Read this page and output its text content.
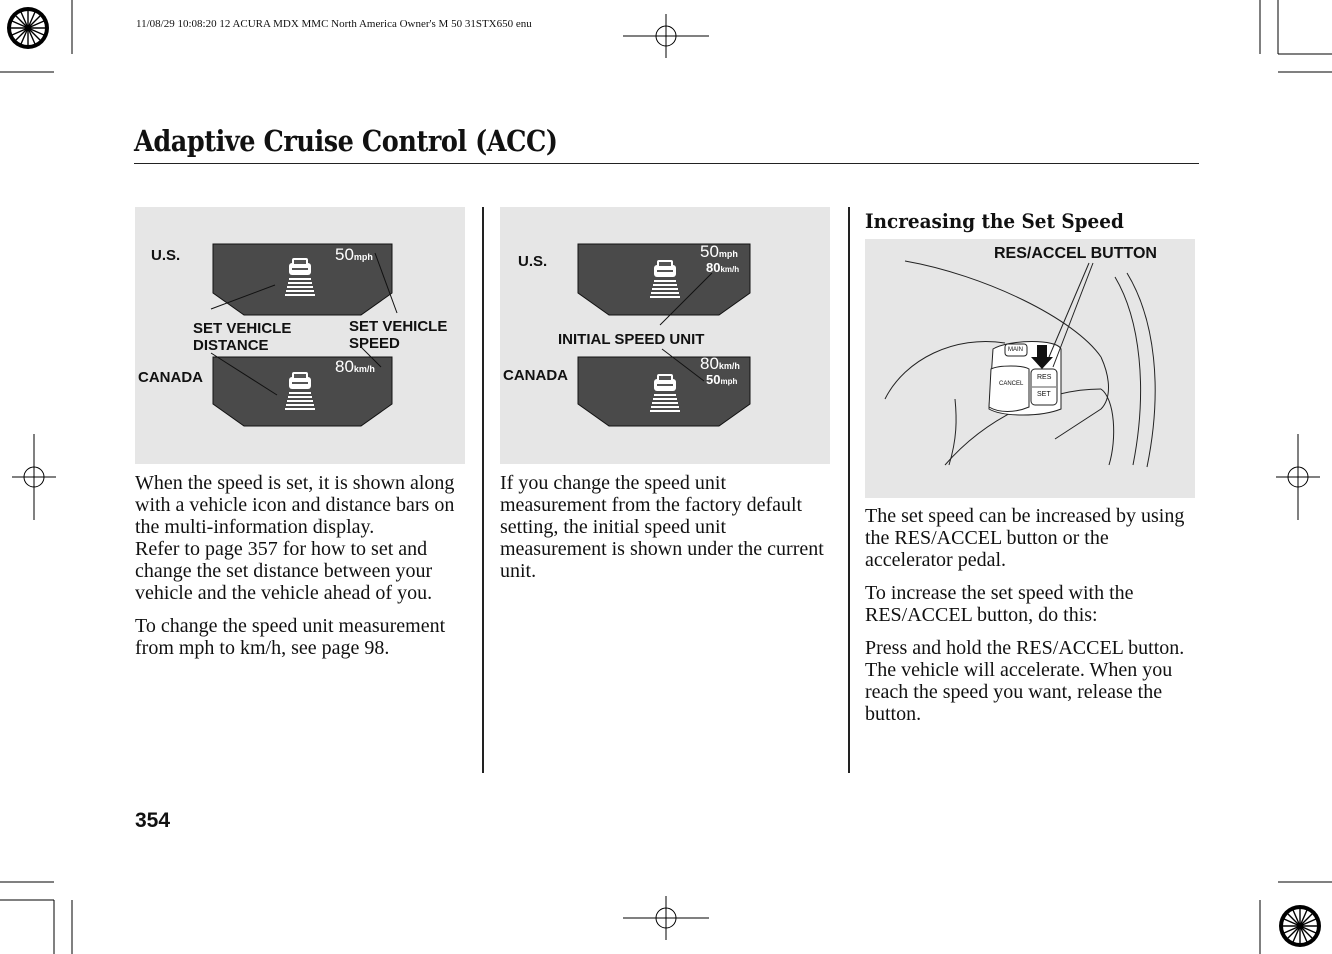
11/08/29 10:08:20 12 ACURA MDX MMC North America Owner's M 50 31STX650 enu
Adaptive Cruise Control (ACC)
U.S.
CANADA
SET VEHICLE
DISTANCE
SET VEHICLE
SPEED
50mph
80km/h

When the speed is set, it is shown along with a vehicle icon and distance bars on the multi-information display.

Refer to page 357 for how to set and change the set distance between your vehicle and the vehicle ahead of you.

To change the speed unit measurement from mph to km/h, see page 98.

U.S.
CANADA
INITIAL SPEED UNIT
50mph
80km/h
80km/h
50mph

If you change the speed unit measurement from the factory default setting, the initial speed unit measurement is shown under the current unit.

Increasing the Set Speed
RES/ACCEL BUTTON
MAIN
CANCEL
RES
SET

The set speed can be increased by using the RES/ACCEL button or the accelerator pedal.

To increase the set speed with the RES/ACCEL button, do this:

Press and hold the RES/ACCEL button. The vehicle will accelerate. When you reach the speed you want, release the button.

354
